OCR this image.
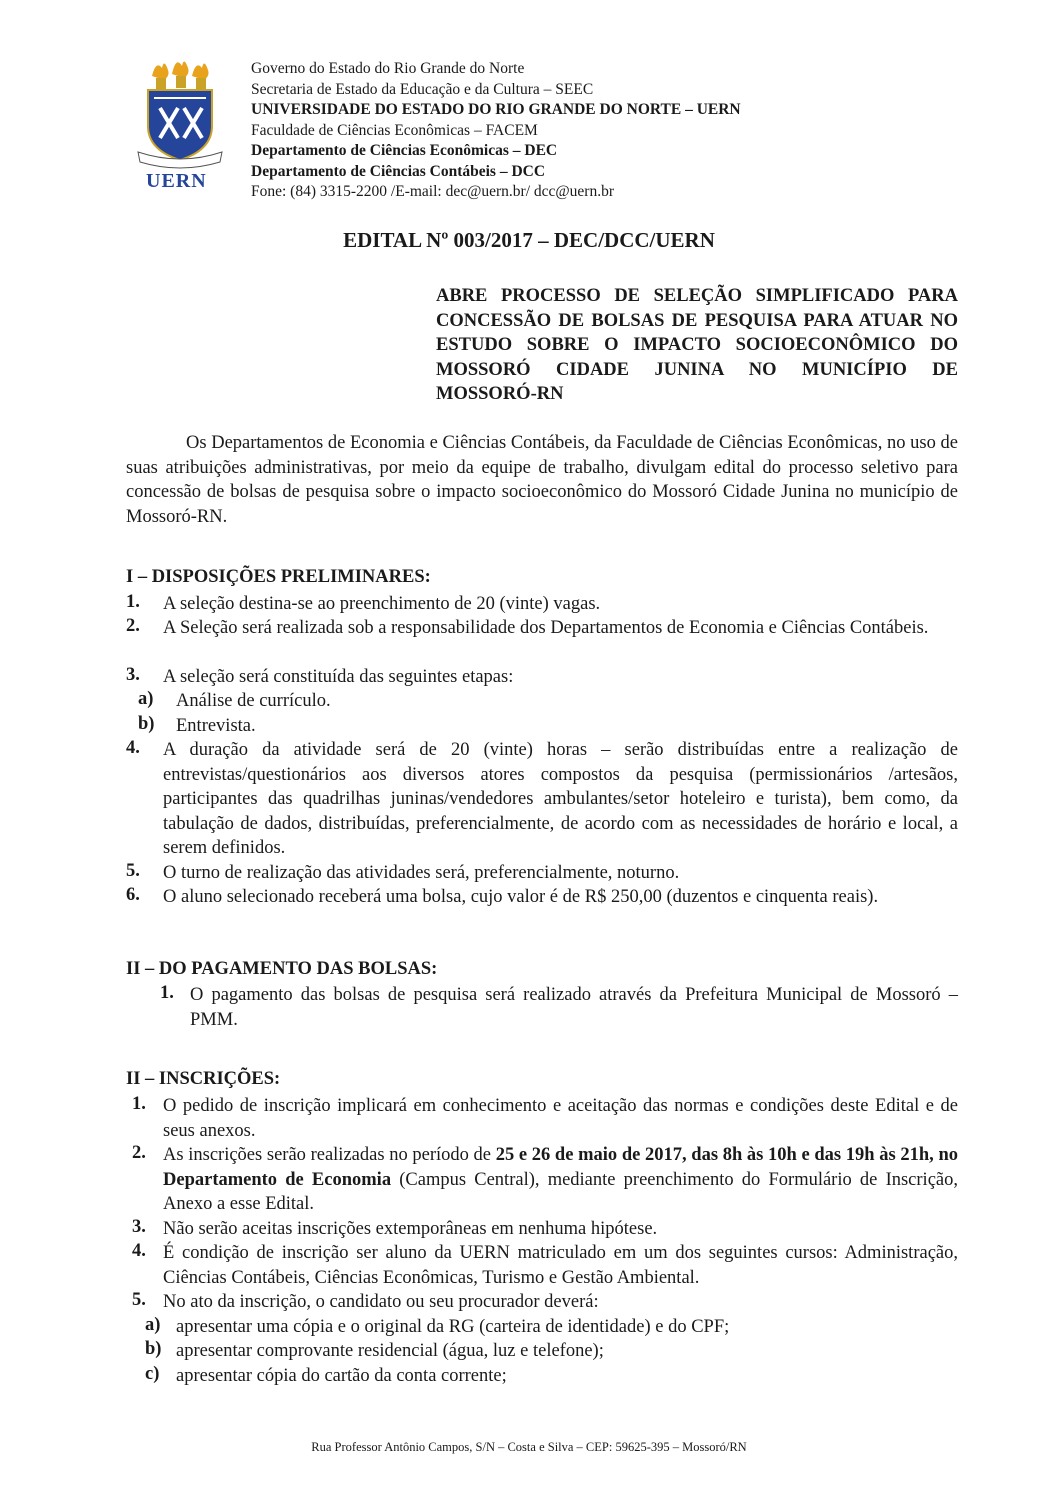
UERN
Governo do Estado do Rio Grande do Norte
Secretaria de Estado da Educação e da Cultura – SEEC
UNIVERSIDADE DO ESTADO DO RIO GRANDE DO NORTE – UERN
Faculdade de Ciências Econômicas – FACEM
Departamento de Ciências Econômicas – DEC
Departamento de Ciências Contábeis – DCC
Fone: (84) 3315-2200 /E-mail: dec@uern.br/ dcc@uern.br
EDITAL Nº 003/2017 – DEC/DCC/UERN
ABRE PROCESSO DE SELEÇÃO SIMPLIFICADO PARA CONCESSÃO DE BOLSAS DE PESQUISA PARA ATUAR NO ESTUDO SOBRE O IMPACTO SOCIOECONÔMICO DO MOSSORÓ CIDADE JUNINA NO MUNICÍPIO DE MOSSORÓ-RN
Os Departamentos de Economia e Ciências Contábeis, da Faculdade de Ciências Econômicas, no uso de suas atribuições administrativas, por meio da equipe de trabalho, divulgam edital do processo seletivo para concessão de bolsas de pesquisa sobre o impacto socioeconômico do Mossoró Cidade Junina no município de Mossoró-RN.
I – DISPOSIÇÕES PRELIMINARES:
1. A seleção destina-se ao preenchimento de 20 (vinte) vagas.
2. A Seleção será realizada sob a responsabilidade dos Departamentos de Economia e Ciências Contábeis.
3. A seleção será constituída das seguintes etapas:
a) Análise de currículo.
b) Entrevista.
4. A duração da atividade será de 20 (vinte) horas – serão distribuídas entre a realização de entrevistas/questionários aos diversos atores compostos da pesquisa (permissionários /artesãos, participantes das quadrilhas juninas/vendedores ambulantes/setor hoteleiro e turista), bem como, da tabulação de dados, distribuídas, preferencialmente, de acordo com as necessidades de horário e local, a serem definidos.
5. O turno de realização das atividades será, preferencialmente, noturno.
6. O aluno selecionado receberá uma bolsa, cujo valor é de R$ 250,00 (duzentos e cinquenta reais).
II – DO PAGAMENTO DAS BOLSAS:
1. O pagamento das bolsas de pesquisa será realizado através da Prefeitura Municipal de Mossoró – PMM.
II – INSCRIÇÕES:
1. O pedido de inscrição implicará em conhecimento e aceitação das normas e condições deste Edital e de seus anexos.
2. As inscrições serão realizadas no período de 25 e 26 de maio de 2017, das 8h às 10h e das 19h às 21h, no Departamento de Economia (Campus Central), mediante preenchimento do Formulário de Inscrição, Anexo a esse Edital.
3. Não serão aceitas inscrições extemporâneas em nenhuma hipótese.
4. É condição de inscrição ser aluno da UERN matriculado em um dos seguintes cursos: Administração, Ciências Contábeis, Ciências Econômicas, Turismo e Gestão Ambiental.
5. No ato da inscrição, o candidato ou seu procurador deverá:
a) apresentar uma cópia e o original da RG (carteira de identidade) e do CPF;
b) apresentar comprovante residencial (água, luz e telefone);
c) apresentar cópia do cartão da conta corrente;
Rua Professor Antônio Campos, S/N – Costa e Silva – CEP: 59625-395 – Mossoró/RN
